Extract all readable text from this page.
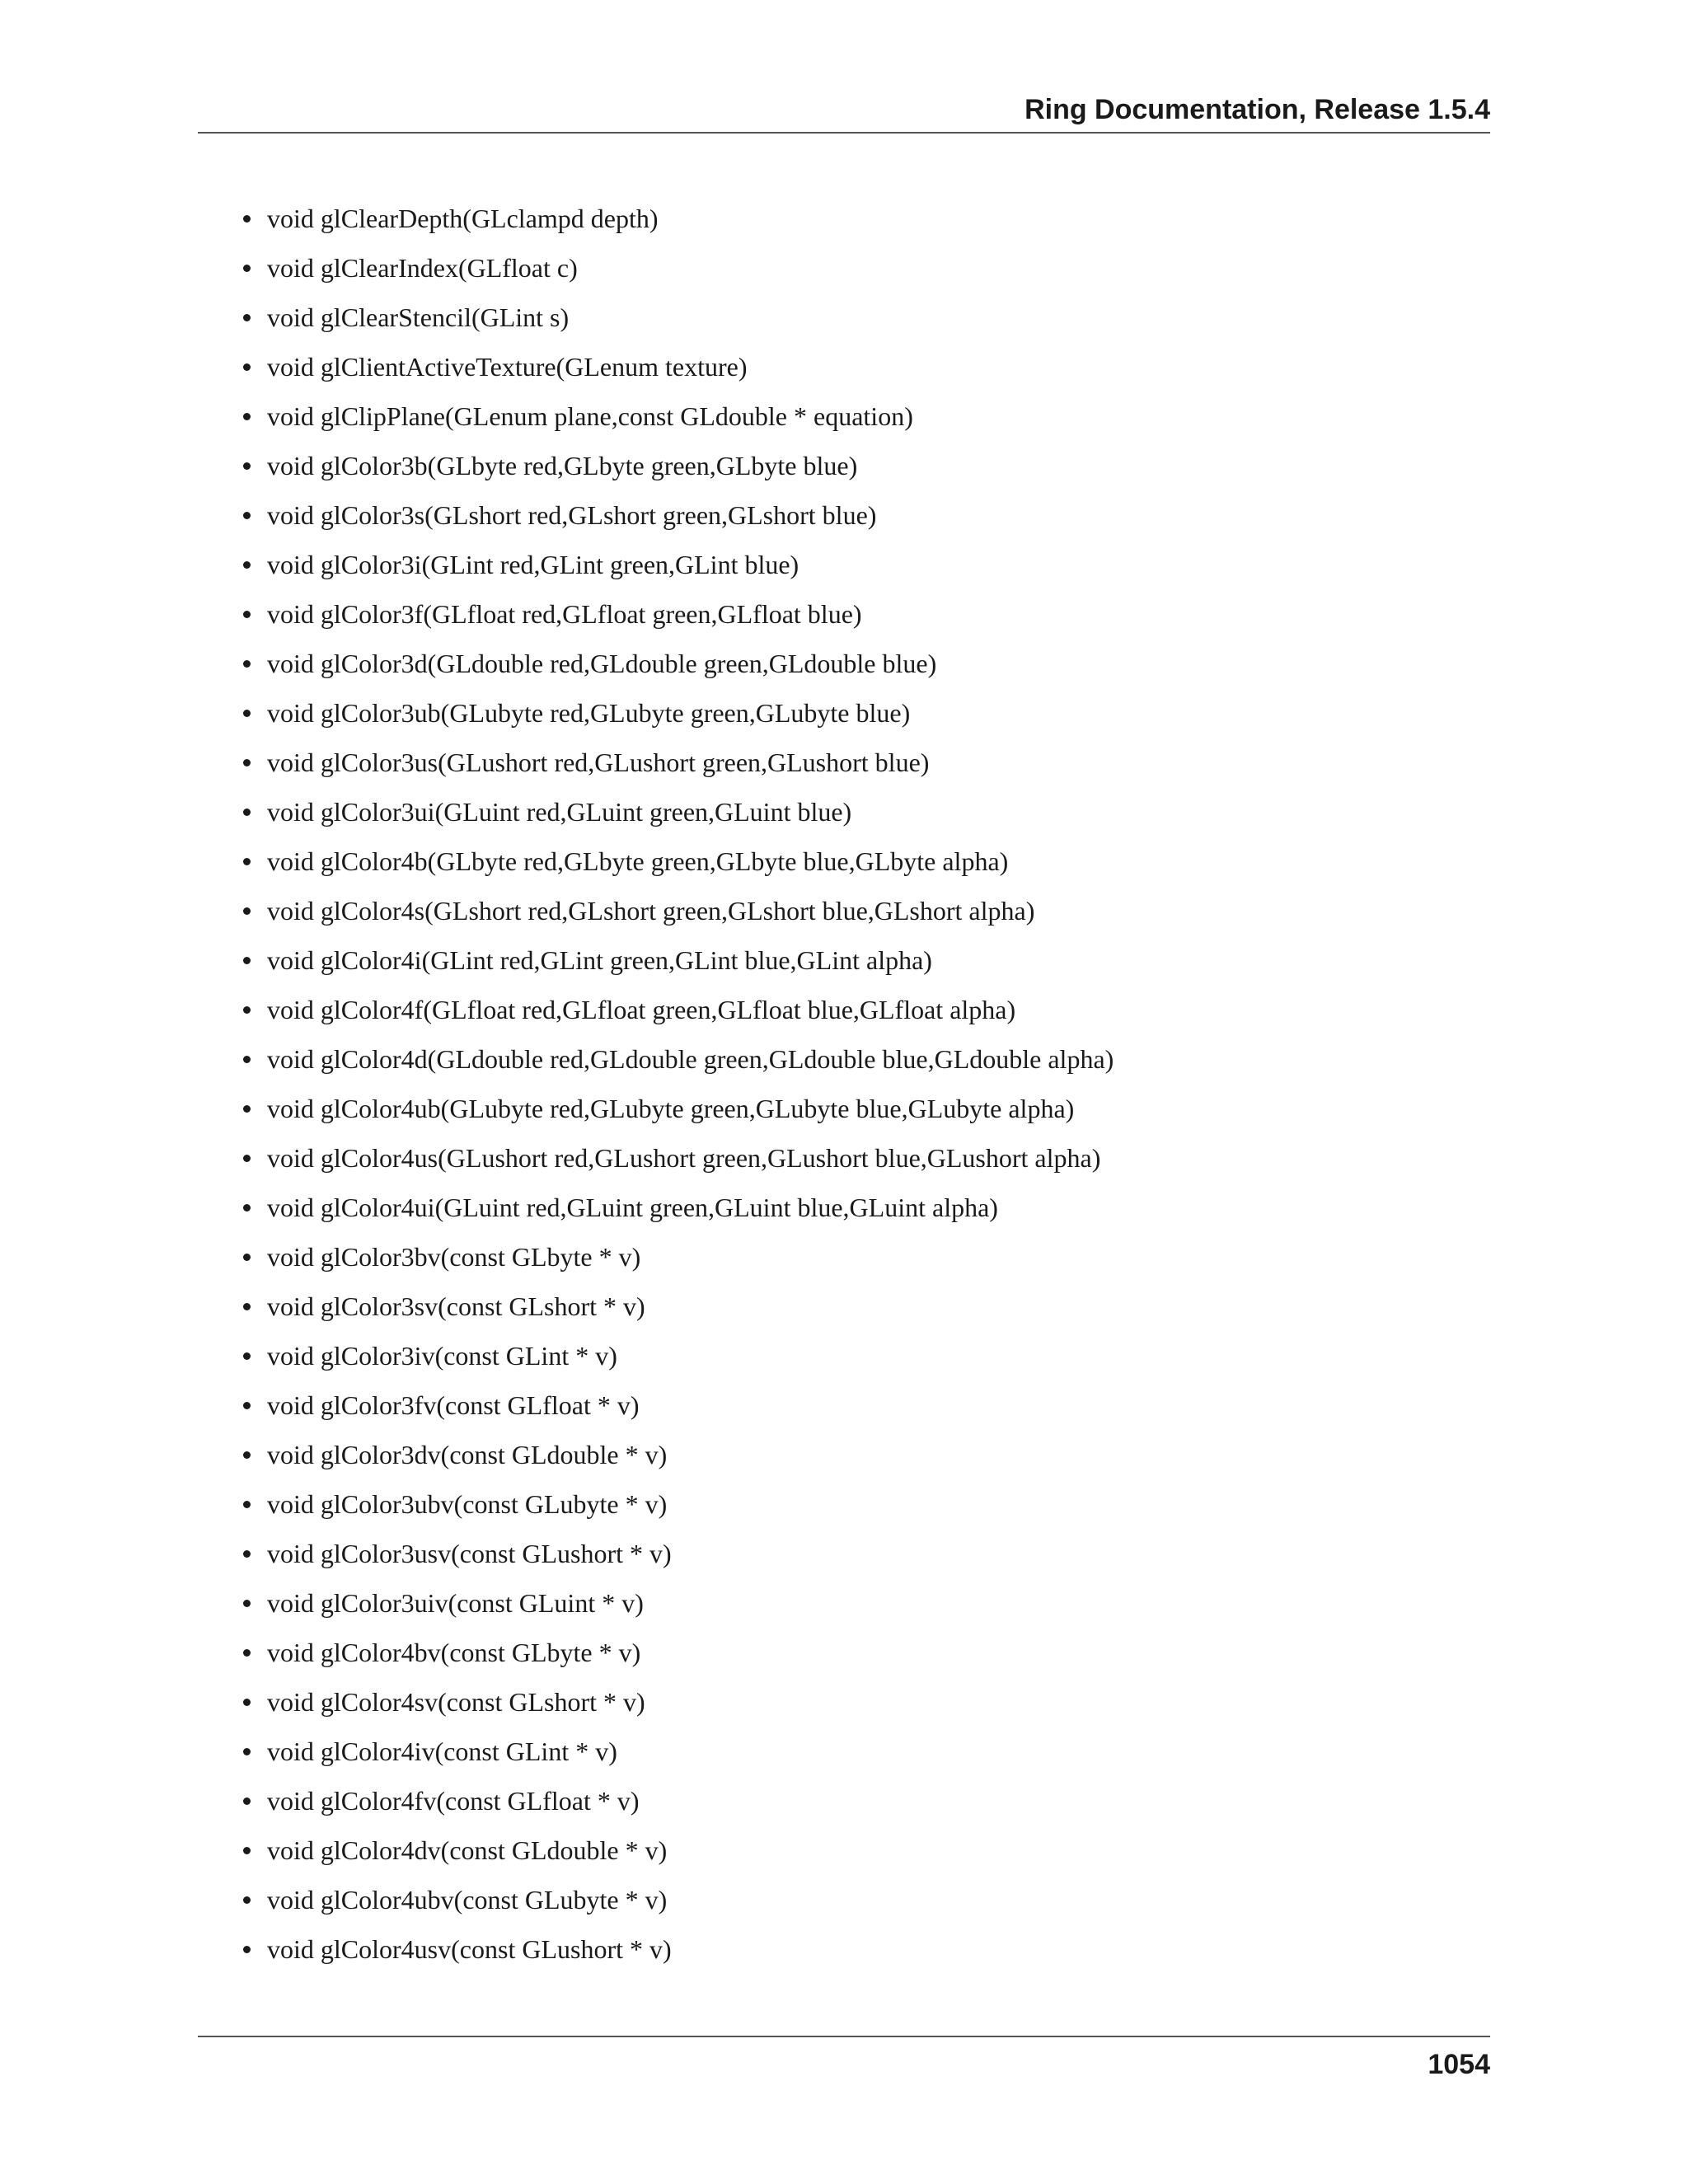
Ring Documentation, Release 1.5.4
void glClearDepth(GLclampd depth)
void glClearIndex(GLfloat c)
void glClearStencil(GLint s)
void glClientActiveTexture(GLenum texture)
void glClipPlane(GLenum plane,const GLdouble * equation)
void glColor3b(GLbyte red,GLbyte green,GLbyte blue)
void glColor3s(GLshort red,GLshort green,GLshort blue)
void glColor3i(GLint red,GLint green,GLint blue)
void glColor3f(GLfloat red,GLfloat green,GLfloat blue)
void glColor3d(GLdouble red,GLdouble green,GLdouble blue)
void glColor3ub(GLubyte red,GLubyte green,GLubyte blue)
void glColor3us(GLushort red,GLushort green,GLushort blue)
void glColor3ui(GLuint red,GLuint green,GLuint blue)
void glColor4b(GLbyte red,GLbyte green,GLbyte blue,GLbyte alpha)
void glColor4s(GLshort red,GLshort green,GLshort blue,GLshort alpha)
void glColor4i(GLint red,GLint green,GLint blue,GLint alpha)
void glColor4f(GLfloat red,GLfloat green,GLfloat blue,GLfloat alpha)
void glColor4d(GLdouble red,GLdouble green,GLdouble blue,GLdouble alpha)
void glColor4ub(GLubyte red,GLubyte green,GLubyte blue,GLubyte alpha)
void glColor4us(GLushort red,GLushort green,GLushort blue,GLushort alpha)
void glColor4ui(GLuint red,GLuint green,GLuint blue,GLuint alpha)
void glColor3bv(const GLbyte * v)
void glColor3sv(const GLshort * v)
void glColor3iv(const GLint * v)
void glColor3fv(const GLfloat * v)
void glColor3dv(const GLdouble * v)
void glColor3ubv(const GLubyte * v)
void glColor3usv(const GLushort * v)
void glColor3uiv(const GLuint * v)
void glColor4bv(const GLbyte * v)
void glColor4sv(const GLshort * v)
void glColor4iv(const GLint * v)
void glColor4fv(const GLfloat * v)
void glColor4dv(const GLdouble * v)
void glColor4ubv(const GLubyte * v)
void glColor4usv(const GLushort * v)
1054
